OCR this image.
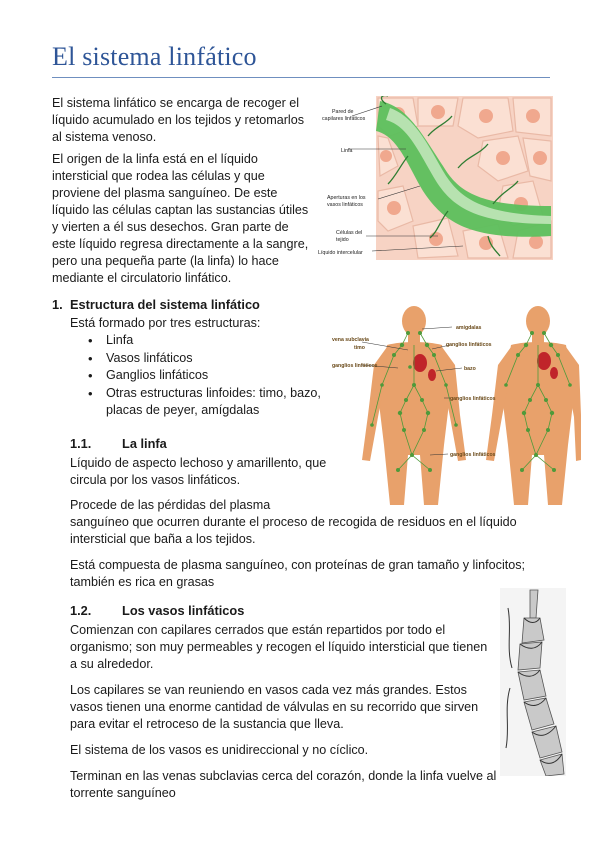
El sistema linfático

El sistema linfático se encarga de recoger el líquido acumulado en los tejidos y retomarlos al sistema venoso.

El origen de la linfa está en el líquido intersticial que rodea las células y que proviene del plasma sanguíneo. De este líquido las células captan las sustancias útiles y vierten a él sus desechos. Gran parte de este líquido regresa directamente a la sangre, pero una pequeña parte (la linfa) lo hace mediante el circulatorio linfático.

Pared de
capilares linfáticos
Linfa
Aperturas en los
vasos linfáticos
Células del
tejido
Líquido intercelular
1. Estructura del sistema linfático

Está formado por tres estructuras:

• Linfa
• Vasos linfáticos
• Ganglios linfáticos
• Otras estructuras linfoides: timo, bazo, placas de peyer, amígdalas
amígdalas
vena subclavia
timo	ganglios linfáticos
ganglios linfáticos	bazo
ganglios linfáticos
ganglios linfáticos
1.1. La linfa

Líquido de aspecto lechoso y amarillento, que circula por los vasos linfáticos.

Procede de las pérdidas del plasma

sanguíneo que ocurren durante el proceso de recogida de residuos en el líquido intersticial que baña a los tejidos.

Está compuesta de plasma sanguíneo, con proteínas de gran tamaño y linfocitos; también es rica en grasas

1.2. Los vasos linfáticos

Comienzan con capilares cerrados que están repartidos por todo el organismo; son muy permeables y recogen el líquido intersticial que tienen a su alrededor.

Los capilares se van reuniendo en vasos cada vez más grandes. Estos vasos tienen una enorme cantidad de válvulas en su recorrido que sirven para evitar el retroceso de la sustancia que lleva.

El sistema de los vasos es unidireccional y no cíclico.

Terminan en las venas subclavias cerca del corazón, donde la linfa vuelve al torrente sanguíneo
